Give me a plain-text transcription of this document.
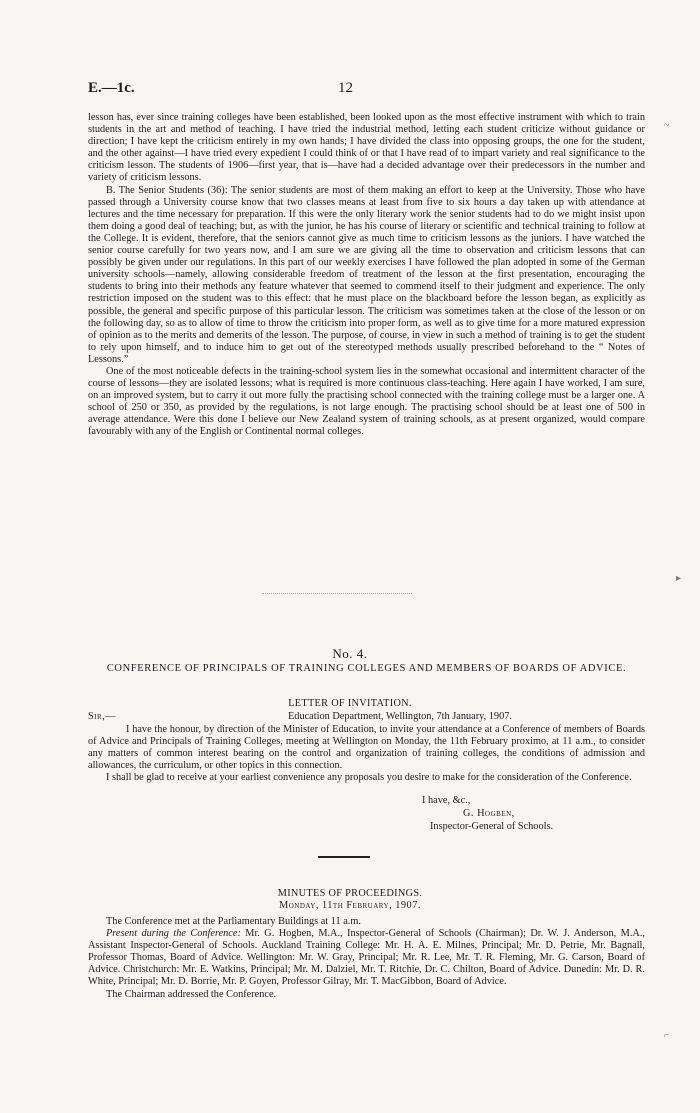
E.—1c.	12

lesson has, ever since training colleges have been established, been looked upon as the most effective instrument with which to train students in the art and method of teaching. I have tried the industrial method, letting each student criticize without guidance or direction; I have kept the criticism entirely in my own hands; I have divided the class into opposing groups, the one for the student, and the other against—I have tried every expedient I could think of or that I have read of to impart variety and real significance to the criticism lesson. The students of 1906—first year, that is—have had a decided advantage over their predecessors in the number and variety of criticism lessons.

B. The Senior Students (36): The senior students are most of them making an effort to keep at the University. Those who have passed through a University course know that two classes means at least from five to six hours a day taken up with attendance at lectures and the time necessary for preparation. If this were the only literary work the senior students had to do we might insist upon them doing a good deal of teaching; but, as with the junior, he has his course of literary or scientific and technical training to follow at the College. It is evident, therefore, that the seniors cannot give as much time to criticism lessons as the juniors. I have watched the senior course carefully for two years now, and I am sure we are giving all the time to observation and criticism lessons that can possibly be given under our regulations. In this part of our weekly exercises I have followed the plan adopted in some of the German university schools—namely, allowing considerable freedom of treatment of the lesson at the first presentation, encouraging the students to bring into their methods any feature whatever that seemed to commend itself to their judgment and experience. The only restriction imposed on the student was to this effect: that he must place on the blackboard before the lesson began, as explicitly as possible, the general and specific purpose of this particular lesson. The criticism was sometimes taken at the close of the lesson or on the following day, so as to allow of time to throw the criticism into proper form, as well as to give time for a more matured expression of opinion as to the merits and demerits of the lesson. The purpose, of course, in view in such a method of training is to get the student to rely upon himself, and to induce him to get out of the stereotyped methods usually prescribed beforehand to the “ Notes of Lessons.”

One of the most noticeable defects in the training-school system lies in the somewhat occasional and intermittent character of the course of lessons—they are isolated lessons; what is required is more continuous class-teaching. Here again I have worked, I am sure, on an improved system, but to carry it out more fully the practising school connected with the training college must be a larger one. A school of 250 or 350, as provided by the regulations, is not large enough. The practising school should be at least one of 500 in average attendance. Were this done I believe our New Zealand system of training schools, as at present organized, would compare favourably with any of the English or Continental normal colleges.

~
▸
⌐
No. 4.
CONFERENCE OF PRINCIPALS OF TRAINING COLLEGES AND MEMBERS OF BOARDS OF ADVICE.
LETTER OF INVITATION.
Sir,—	Education Department, Wellington, 7th January, 1907.

I have the honour, by direction of the Minister of Education, to invite your attendance at a Conference of members of Boards of Advice and Principals of Training Colleges, meeting at Wellington on Monday, the 11th February proximo, at 11 a.m., to consider any matters of common interest bearing on the control and organization of training colleges, the conditions of admission and allowances, the curriculum, or other topics in this connection.

I shall be glad to receive at your earliest convenience any proposals you desire to make for the consideration of the Conference.

I have, &c.,
G. Hogben,
Inspector-General of Schools.
MINUTES OF PROCEEDINGS.
Monday, 11th February, 1907.

The Conference met at the Parliamentary Buildings at 11 a.m.

Present during the Conference: Mr. G. Hogben, M.A., Inspector-General of Schools (Chairman); Dr. W. J. Anderson, M.A., Assistant Inspector-General of Schools. Auckland Training College: Mr. H. A. E. Milnes, Principal; Mr. D. Petrie, Mr. Bagnall, Professor Thomas, Board of Advice. Wellington: Mr. W. Gray, Principal; Mr. R. Lee, Mr. T. R. Fleming, Mr. G. Carson, Board of Advice. Christchurch: Mr. E. Watkins, Principal; Mr. M. Dalziel, Mr. T. Ritchie, Dr. C. Chilton, Board of Advice. Dunedin: Mr. D. R. White, Principal; Mr. D. Borrie, Mr. P. Goyen, Professor Gilray, Mr. T. MacGibbon, Board of Advice.

The Chairman addressed the Conference.
